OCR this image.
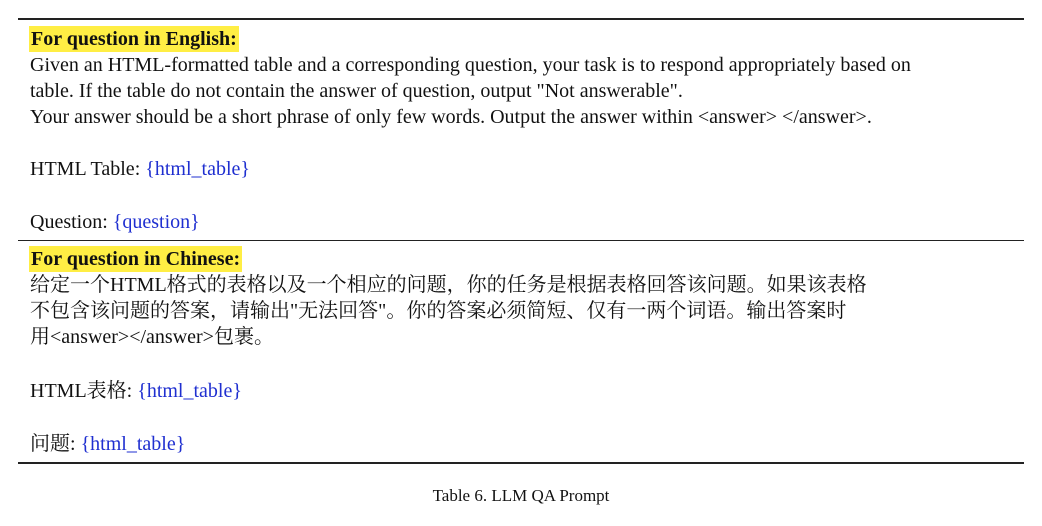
For question in English:
Given an HTML-formatted table and a corresponding question, your task is to respond appropriately based on
table. If the table do not contain the answer of question, output "Not answerable".
Your answer should be a short phrase of only few words. Output the answer within <answer> </answer>.
HTML Table: {html_table}
Question: {question}
For question in Chinese:
给定一个HTML格式的表格以及一个相应的问题，你的任务是根据表格回答该问题。如果该表格
不包含该问题的答案，请输出"无法回答"。你的答案必须简短、仅有一两个词语。输出答案时
用<answer></answer>包裹。
HTML表格: {html_table}
问题: {html_table}
Table 6. LLM QA Prompt
